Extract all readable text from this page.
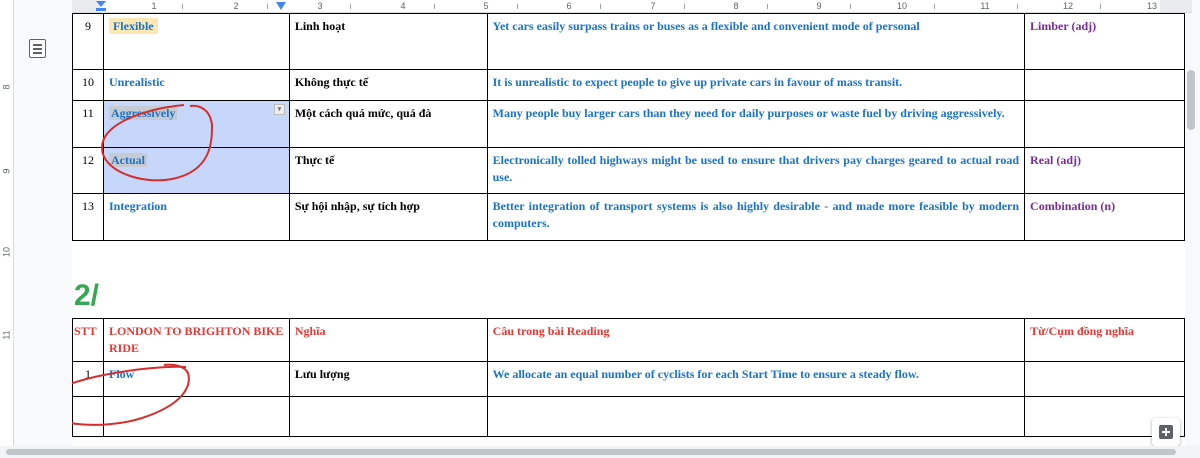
1	2	3	4	5	6	7	8	9	10	11	12	13
8
9
10
11
9	Flexible	Linh hoạt	Yet cars easily surpass trains or buses as a flexible and convenient mode of personal	Limber (adj)
10	Unrealistic	Không thực tế	It is unrealistic to expect people to give up private cars in favour of mass transit.	
11	Aggressively ▾	Một cách quá mức, quá đà	Many people buy larger cars than they need for daily purposes or waste fuel by driving aggressively.	
12	Actual	Thực tế	Electronically tolled highways might be used to ensure that drivers pay charges geared to actual road use.	Real (adj)
13	Integration	Sự hội nhập, sự tích hợp	Better integration of transport systems is also highly desirable - and made more feasible by modern computers.	Combination (n)
2/
STT	LONDON TO BRIGHTON BIKE RIDE	Nghĩa	Câu trong bài Reading	Từ/Cụm đồng nghĩa
1	Flow	Lưu lượng	We allocate an equal number of cyclists for each Start Time to ensure a steady flow.	
